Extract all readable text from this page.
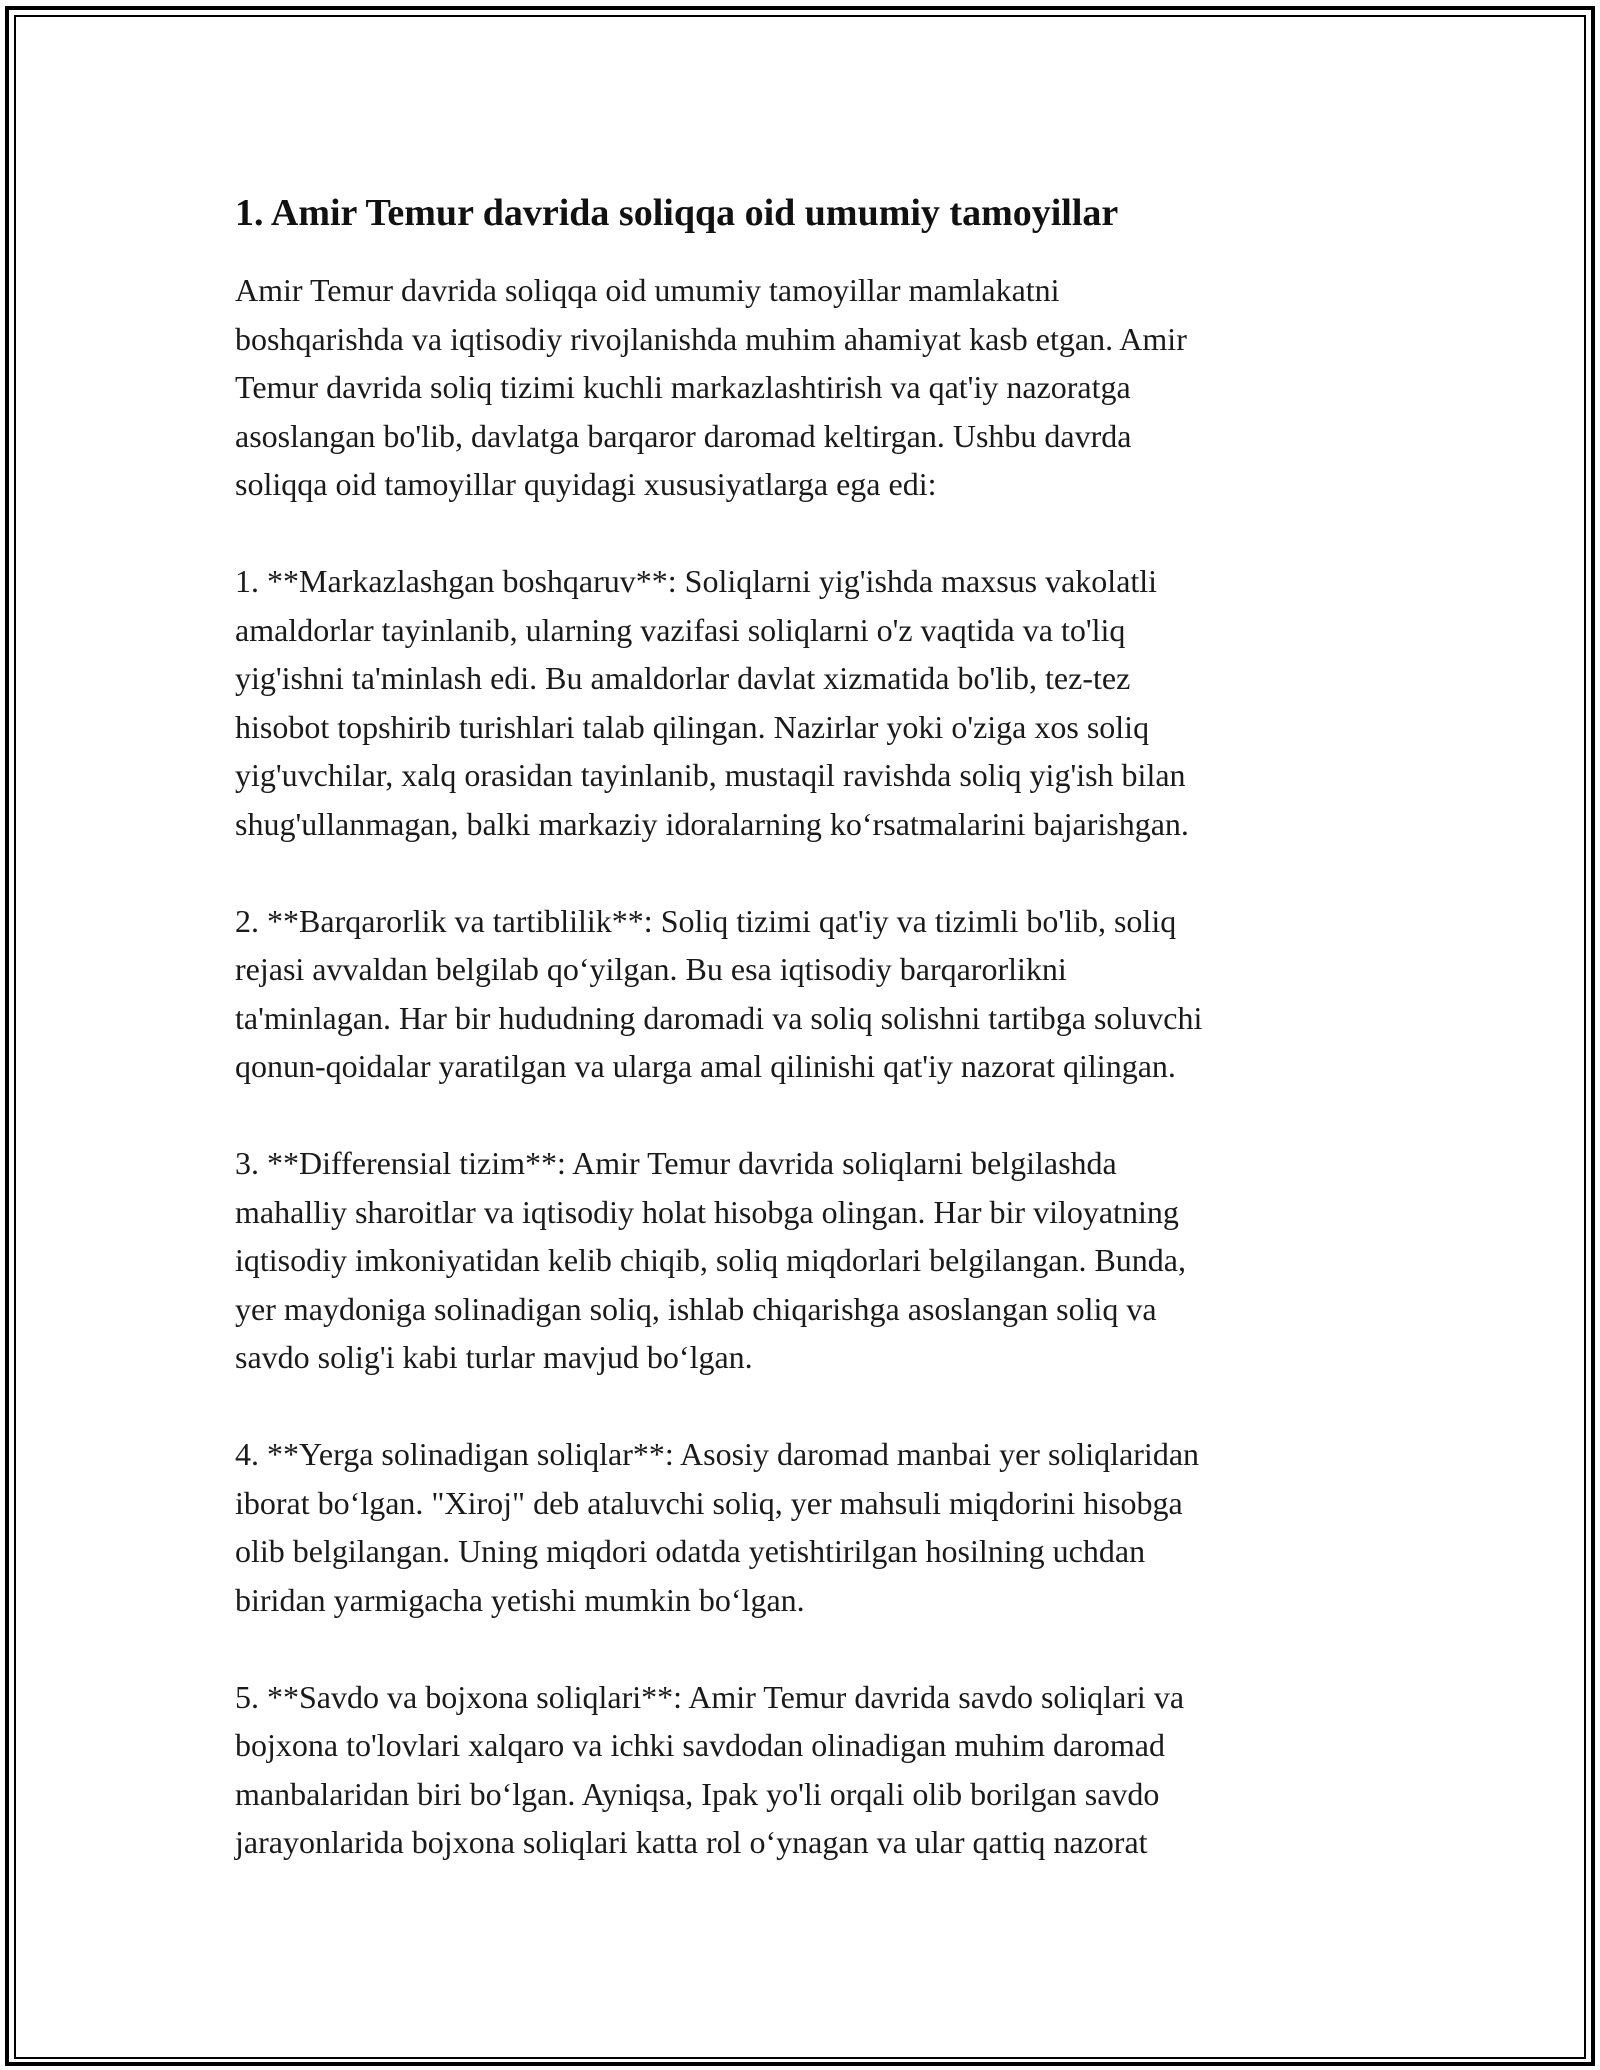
1. Amir Temur davrida soliqqa oid umumiy tamoyillar

Amir Temur davrida soliqqa oid umumiy tamoyillar mamlakatni
boshqarishda va iqtisodiy rivojlanishda muhim ahamiyat kasb etgan. Amir
Temur davrida soliq tizimi kuchli markazlashtirish va qat'iy nazoratga
asoslangan bo'lib, davlatga barqaror daromad keltirgan. Ushbu davrda
soliqqa oid tamoyillar quyidagi xususiyatlarga ega edi:

1. **Markazlashgan boshqaruv**: Soliqlarni yig'ishda maxsus vakolatli
amaldorlar tayinlanib, ularning vazifasi soliqlarni o'z vaqtida va to'liq
yig'ishni ta'minlash edi. Bu amaldorlar davlat xizmatida bo'lib, tez-tez
hisobot topshirib turishlari talab qilingan. Nazirlar yoki o'ziga xos soliq
yig'uvchilar, xalq orasidan tayinlanib, mustaqil ravishda soliq yig'ish bilan
shug'ullanmagan, balki markaziy idoralarning ko‘rsatmalarini bajarishgan.

2. **Barqarorlik va tartiblilik**: Soliq tizimi qat'iy va tizimli bo'lib, soliq
rejasi avvaldan belgilab qo‘yilgan. Bu esa iqtisodiy barqarorlikni
ta'minlagan. Har bir hududning daromadi va soliq solishni tartibga soluvchi
qonun-qoidalar yaratilgan va ularga amal qilinishi qat'iy nazorat qilingan.

3. **Differensial tizim**: Amir Temur davrida soliqlarni belgilashda
mahalliy sharoitlar va iqtisodiy holat hisobga olingan. Har bir viloyatning
iqtisodiy imkoniyatidan kelib chiqib, soliq miqdorlari belgilangan. Bunda,
yer maydoniga solinadigan soliq, ishlab chiqarishga asoslangan soliq va
savdo solig'i kabi turlar mavjud bo‘lgan.

4. **Yerga solinadigan soliqlar**: Asosiy daromad manbai yer soliqlaridan
iborat bo‘lgan. "Xiroj" deb ataluvchi soliq, yer mahsuli miqdorini hisobga
olib belgilangan. Uning miqdori odatda yetishtirilgan hosilning uchdan
biridan yarmigacha yetishi mumkin bo‘lgan.

5. **Savdo va bojxona soliqlari**: Amir Temur davrida savdo soliqlari va
bojxona to'lovlari xalqaro va ichki savdodan olinadigan muhim daromad
manbalaridan biri bo‘lgan. Ayniqsa, Ipak yo'li orqali olib borilgan savdo
jarayonlarida bojxona soliqlari katta rol o‘ynagan va ular qattiq nazorat
